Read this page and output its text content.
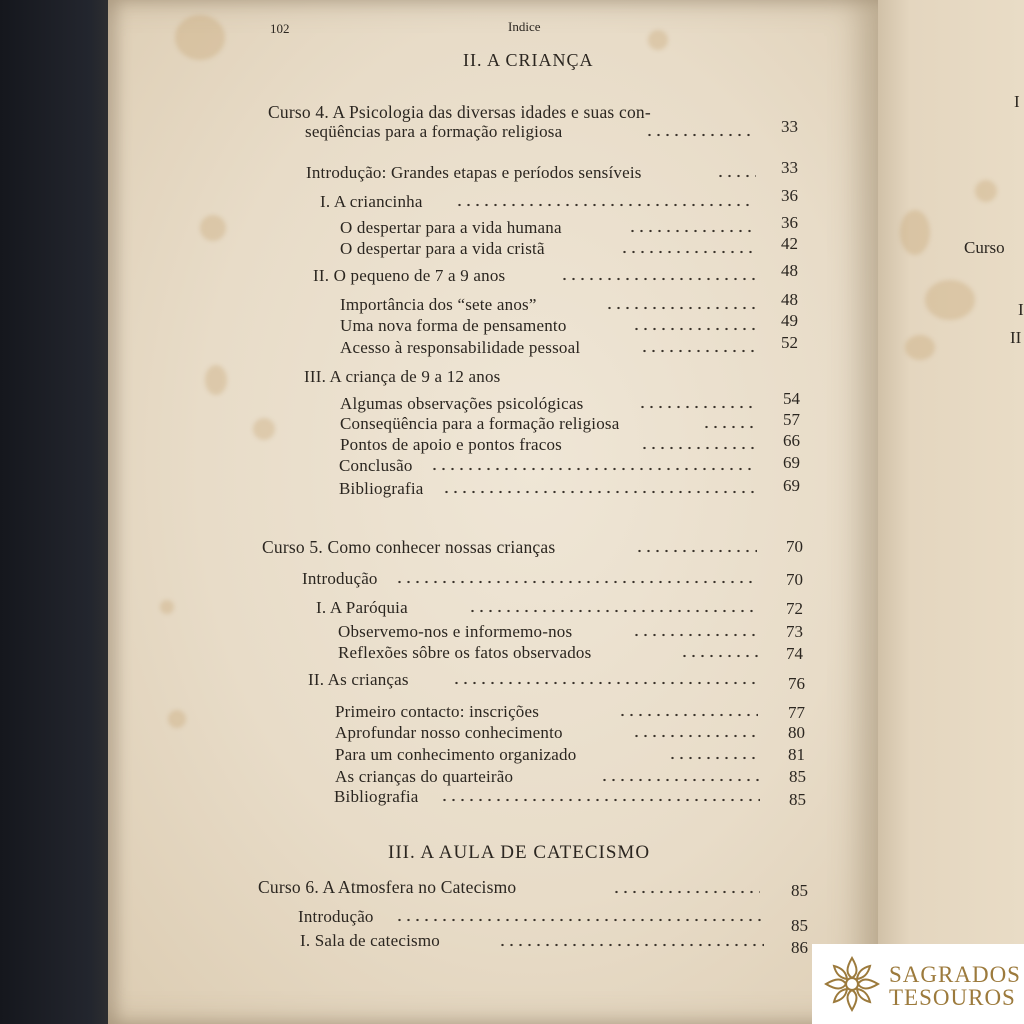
102	Indice
II. A CRIANÇA
Curso 4. A Psicologia das diversas idades e suas con-
seqüências para a formação religiosa	33
Introdução: Grandes etapas e períodos sensíveis	33
I. A criancinha	36
O despertar para a vida humana	36
O despertar para a vida cristã	42
II. O pequeno de 7 a 9 anos	48
Importância dos “sete anos”	48
Uma nova forma de pensamento	49
Acesso à responsabilidade pessoal	52
III. A criança de 9 a 12 anos
Algumas observações psicológicas	54
Conseqüência para a formação religiosa	57
Pontos de apoio e pontos fracos	66
Conclusão	69
Bibliografia	69
Curso 5. Como conhecer nossas crianças	70
Introdução	70
I. A Paróquia	72
Observemo-nos e informemo-nos	73
Reflexões sôbre os fatos observados	74
II. As crianças	76
Primeiro contacto: inscrições	77
Aprofundar nosso conhecimento	80
Para um conhecimento organizado	81
As crianças do quarteirão	85
Bibliografia	85
III. A AULA DE CATECISMO
Curso 6. A Atmosfera no Catecismo	85
Introdução	85
I. Sala de catecismo	86
I
Curso
I
II
SAGRADOS
TESOUROS
